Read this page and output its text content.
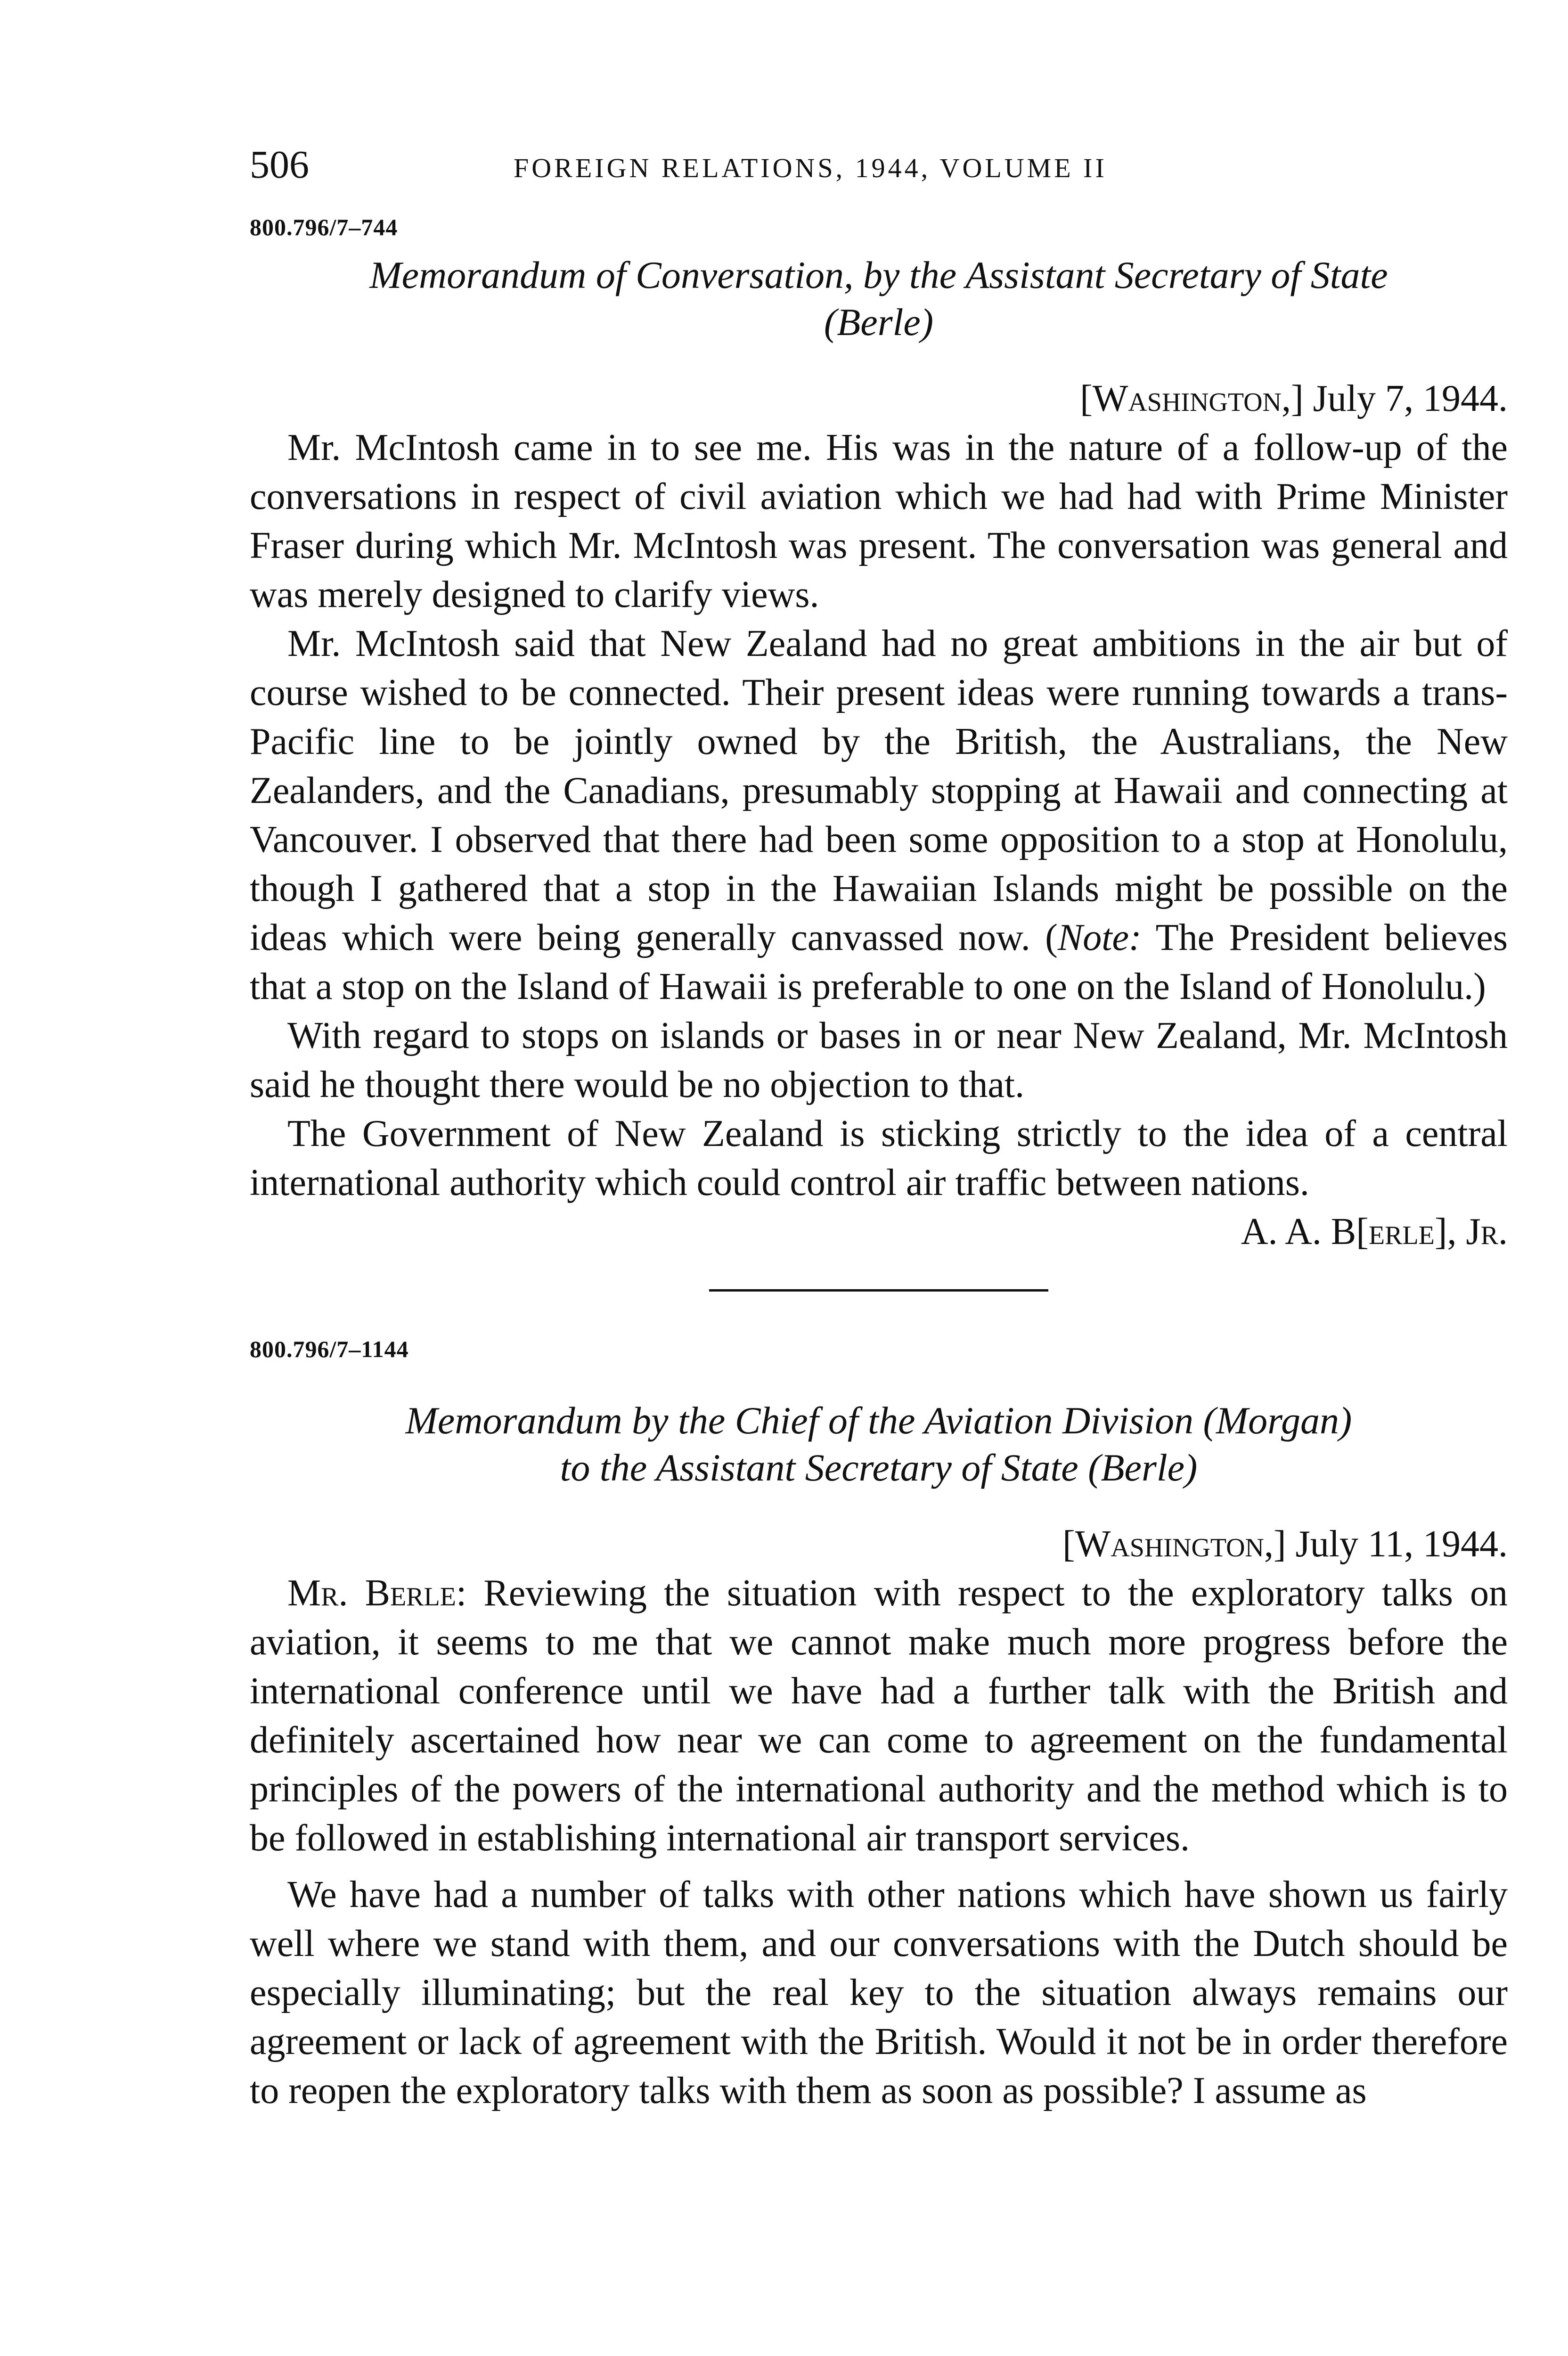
506	FOREIGN RELATIONS, 1944, VOLUME II

800.796/7–744

Memorandum of Conversation, by the Assistant Secretary of State

(Berle)

[Washington,] July 7, 1944.

Mr. McIntosh came in to see me. His was in the nature of a follow-up of the conversations in respect of civil aviation which we had had with Prime Minister Fraser during which Mr. McIntosh was present. The conversation was general and was merely designed to clarify views.

Mr. McIntosh said that New Zealand had no great ambitions in the air but of course wished to be connected. Their present ideas were running towards a trans-Pacific line to be jointly owned by the British, the Australians, the New Zealanders, and the Canadians, presumably stopping at Hawaii and connecting at Vancouver. I observed that there had been some opposition to a stop at Honolulu, though I gathered that a stop in the Hawaiian Islands might be possible on the ideas which were being generally canvassed now. (Note: The President believes that a stop on the Island of Hawaii is preferable to one on the Island of Honolulu.)

With regard to stops on islands or bases in or near New Zealand, Mr. McIntosh said he thought there would be no objection to that.

The Government of New Zealand is sticking strictly to the idea of a central international authority which could control air traffic between nations.

A. A. B[erle], Jr.

800.796/7–1144

Memorandum by the Chief of the Aviation Division (Morgan)

to the Assistant Secretary of State (Berle)

[Washington,] July 11, 1944.

Mr. Berle: Reviewing the situation with respect to the exploratory talks on aviation, it seems to me that we cannot make much more progress before the international conference until we have had a further talk with the British and definitely ascertained how near we can come to agreement on the fundamental principles of the powers of the international authority and the method which is to be followed in establishing international air transport services.

We have had a number of talks with other nations which have shown us fairly well where we stand with them, and our conversations with the Dutch should be especially illuminating; but the real key to the situation always remains our agreement or lack of agreement with the British. Would it not be in order therefore to reopen the exploratory talks with them as soon as possible? I assume as
